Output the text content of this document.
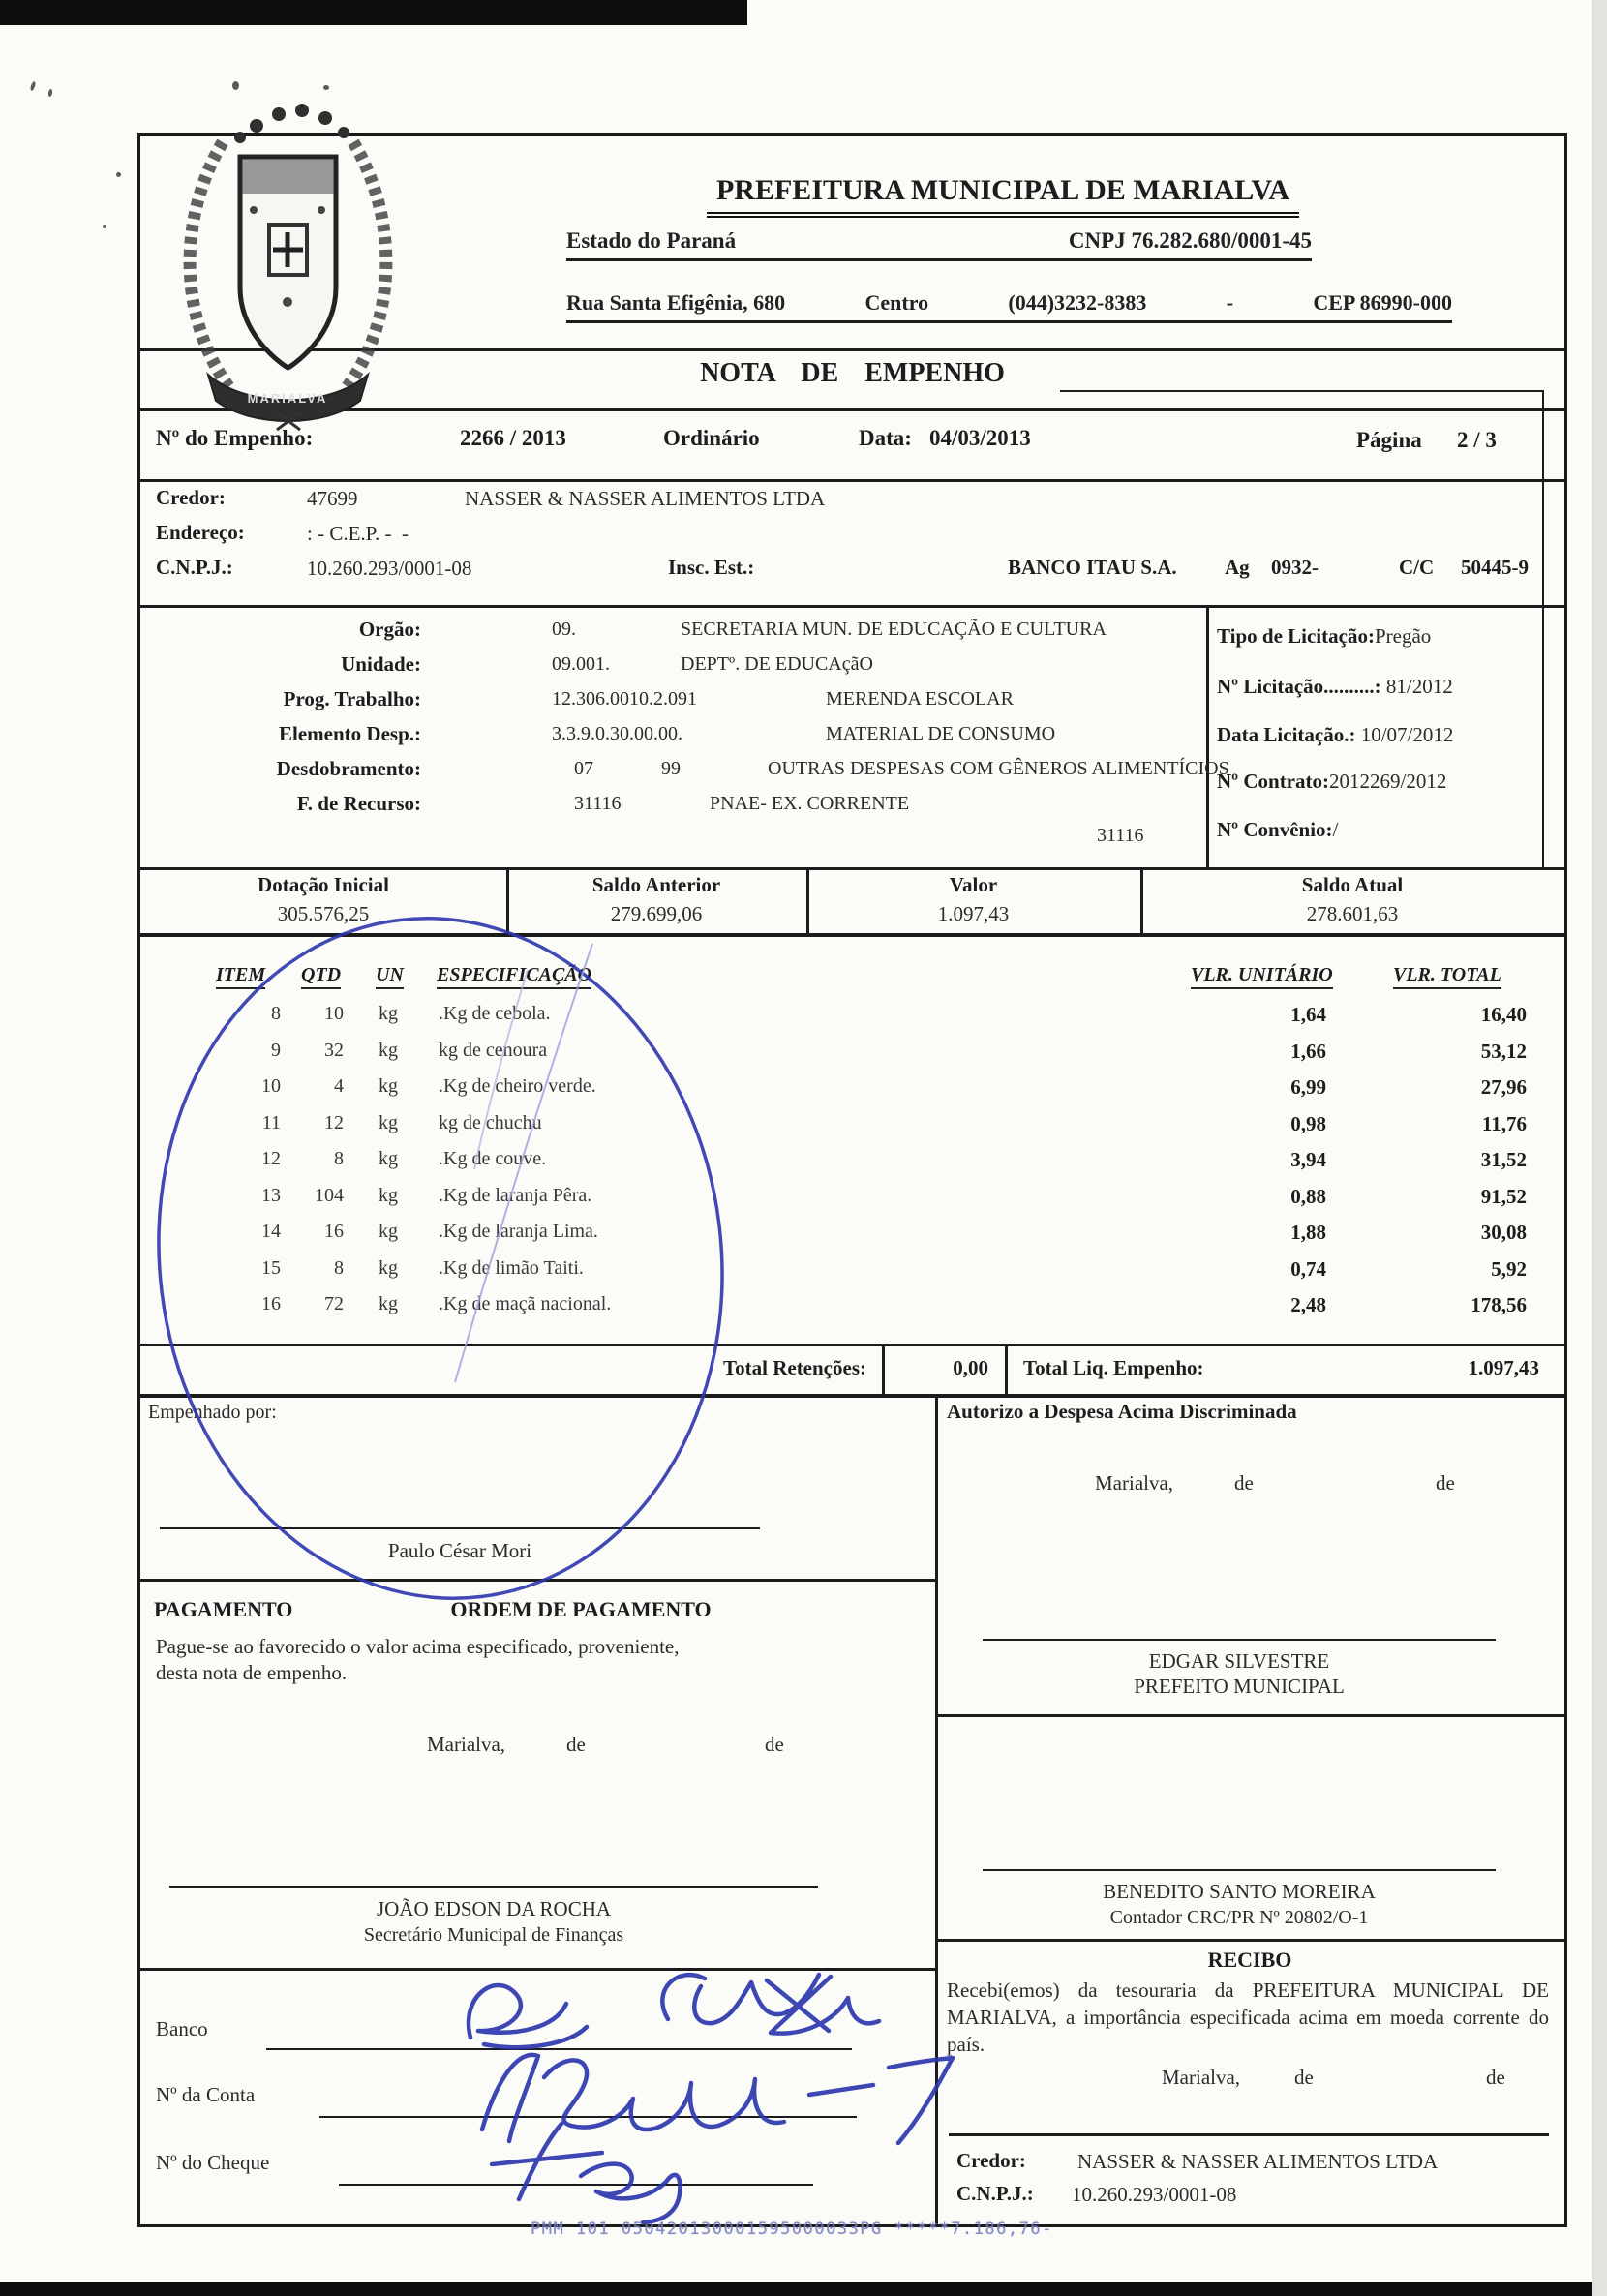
MARIALVA

PREFEITURA MUNICIPAL DE MARIALVA

Estado do Paraná	CNPJ 76.282.680/0001-45
Rua Santa Efigênia, 680	Centro	(044)3232-8383	-	CEP 86990-000
NOTA DE EMPENHO
Nº do Empenho:	2266 / 2013	Ordinário	Data: 04/03/2013	Página 2 / 3
Credor:	47699	NASSER & NASSER ALIMENTOS LTDA
Endereço:	: - C.E.P. -  -
C.N.P.J.:	10.260.293/0001-08	Insc. Est.:	BANCO ITAU S.A. Ag 0932-	C/C 50445-9
Orgão:	09.	SECRETARIA MUN. DE EDUCAÇÃO E CULTURA
Unidade:	09.001.	DEPTº. DE EDUCAçãO
Prog. Trabalho:	12.306.0010.2.091	MERENDA ESCOLAR
Elemento Desp.:	3.3.9.0.30.00.00.	MATERIAL DE CONSUMO
Desdobramento:	07	99	OUTRAS DESPESAS COM GÊNEROS ALIMENTÍCIOS
F. de Recurso:	31116	PNAE- EX. CORRENTE
31116
Tipo de Licitação:Pregão
Nº Licitação..........: 81/2012
Data Licitação.: 10/07/2012
Nº Contrato:2012269/2012
Nº Convênio:/
Dotação Inicial
305.576,25
Saldo Anterior
279.699,06
Valor
1.097,43
Saldo Atual
278.601,63
ITEM QTD UN ESPECIFICAÇÃO	VLR. UNITÁRIO	VLR. TOTAL
8	10 kg .Kg de cebola.	1,64	16,40
9	32 kg kg de cenoura	1,66	53,12
10	4 kg .Kg de cheiro verde.	6,99	27,96
11	12 kg kg de chuchu	0,98	11,76
12	8 kg .Kg de couve.	3,94	31,52
13	104 kg .Kg de laranja Pêra.	0,88	91,52
14	16 kg .Kg de laranja Lima.	1,88	30,08
15	8 kg .Kg de limão Taiti.	0,74	5,92
16	72 kg .Kg de maçã nacional.	2,48	178,56
Total Retenções:	0,00 Total Liq. Empenho:	1.097,43
Empenhado por:
Paulo César Mori
Autorizo a Despesa Acima Discriminada
Marialva,	de	de
EDGAR SILVESTRE
PREFEITO MUNICIPAL
PAGAMENTO	ORDEM DE PAGAMENTO
Pague-se ao favorecido o valor acima especificado, proveniente, desta nota de empenho.
Marialva,	de	de
JOÃO EDSON DA ROCHA
Secretário Municipal de Finanças
Banco
Nº da Conta
Nº do Cheque
BENEDITO SANTO MOREIRA
Contador CRC/PR Nº 20802/O-1
RECIBO
Recebi(emos) da tesouraria da PREFEITURA MUNICIPAL DE MARIALVA, a importância especificada acima em moeda corrente do país.
Marialva,	de	de
Credor:	NASSER & NASSER ALIMENTOS LTDA
C.N.P.J.: 10.260.293/0001-08
PMM 101 050420130001595000033PG *****7.186,76-
